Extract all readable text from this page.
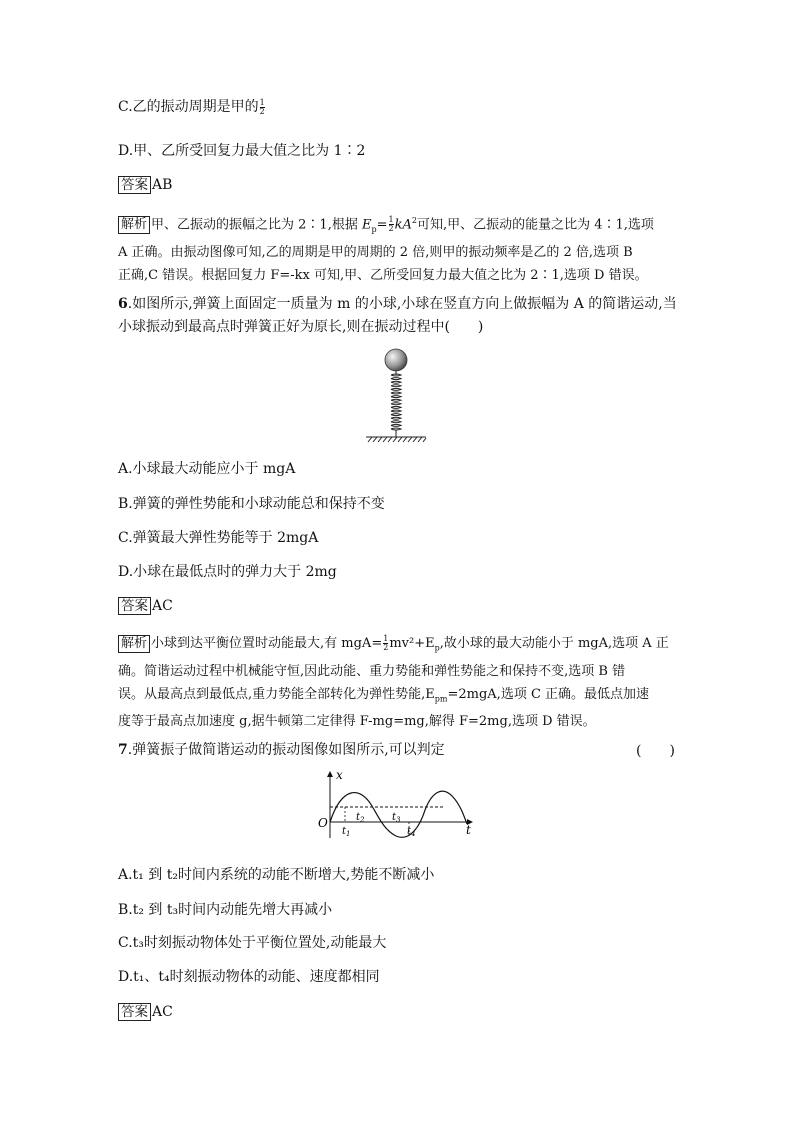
C.乙的振动周期是甲的 $\frac{1}{2}$
D.甲、乙所受回复力最大值之比为 1∶2
答案 AB
解析 甲、乙振动的振幅之比为 2∶1,根据 $E_p= \frac{1}{2} kA^2$可知,甲、乙振动的能量之比为 4∶1,选项
A 正确。由振动图像可知,乙的周期是甲的周期的 2 倍,则甲的振动频率是乙的 2 倍,选项 B
正确,C 错误。根据回复力 F=-kx 可知,甲、乙所受回复力最大值之比为 2∶1,选项 D 错误。
6.如图所示,弹簧上面固定一质量为 m 的小球,小球在竖直方向上做振幅为 A 的简谐运动,当
小球振动到最高点时弹簧正好为原长,则在振动过程中(　　)
A.小球最大动能应小于 mgA
B.弹簧的弹性势能和小球动能总和保持不变
C.弹簧最大弹性势能等于 2mgA
D.小球在最低点时的弹力大于 2mg
答案 AC
解析 小球到达平衡位置时动能最大,有 $mgA= \frac{1}{2} mv^2+E_p$,故小球的最大动能小于 mgA,选项 A 正
确。简谐运动过程中机械能守恒,因此动能、重力势能和弹性势能之和保持不变,选项 B 错
误。从最高点到最低点,重力势能全部转化为弹性势能$,E_{pm}=2mgA$,选项 C 正确。最低点加速
度等于最高点加速度 g,据牛顿第二定律得 F-mg=mg,解得 F=2mg,选项 D 错误。
7.弹簧振子做简谐运动的振动图像如图所示,可以判定	(　　)
x
t
O
$t_1$
$t_2$	$t_3$
$t_4$
A.t₁ 到 t₂时间内系统的动能不断增大,势能不断减小
B.t₂ 到 t₃时间内动能先增大再减小
C.t₃时刻振动物体处于平衡位置处,动能最大
D.t₁、t₄时刻振动物体的动能、速度都相同
答案 AC
